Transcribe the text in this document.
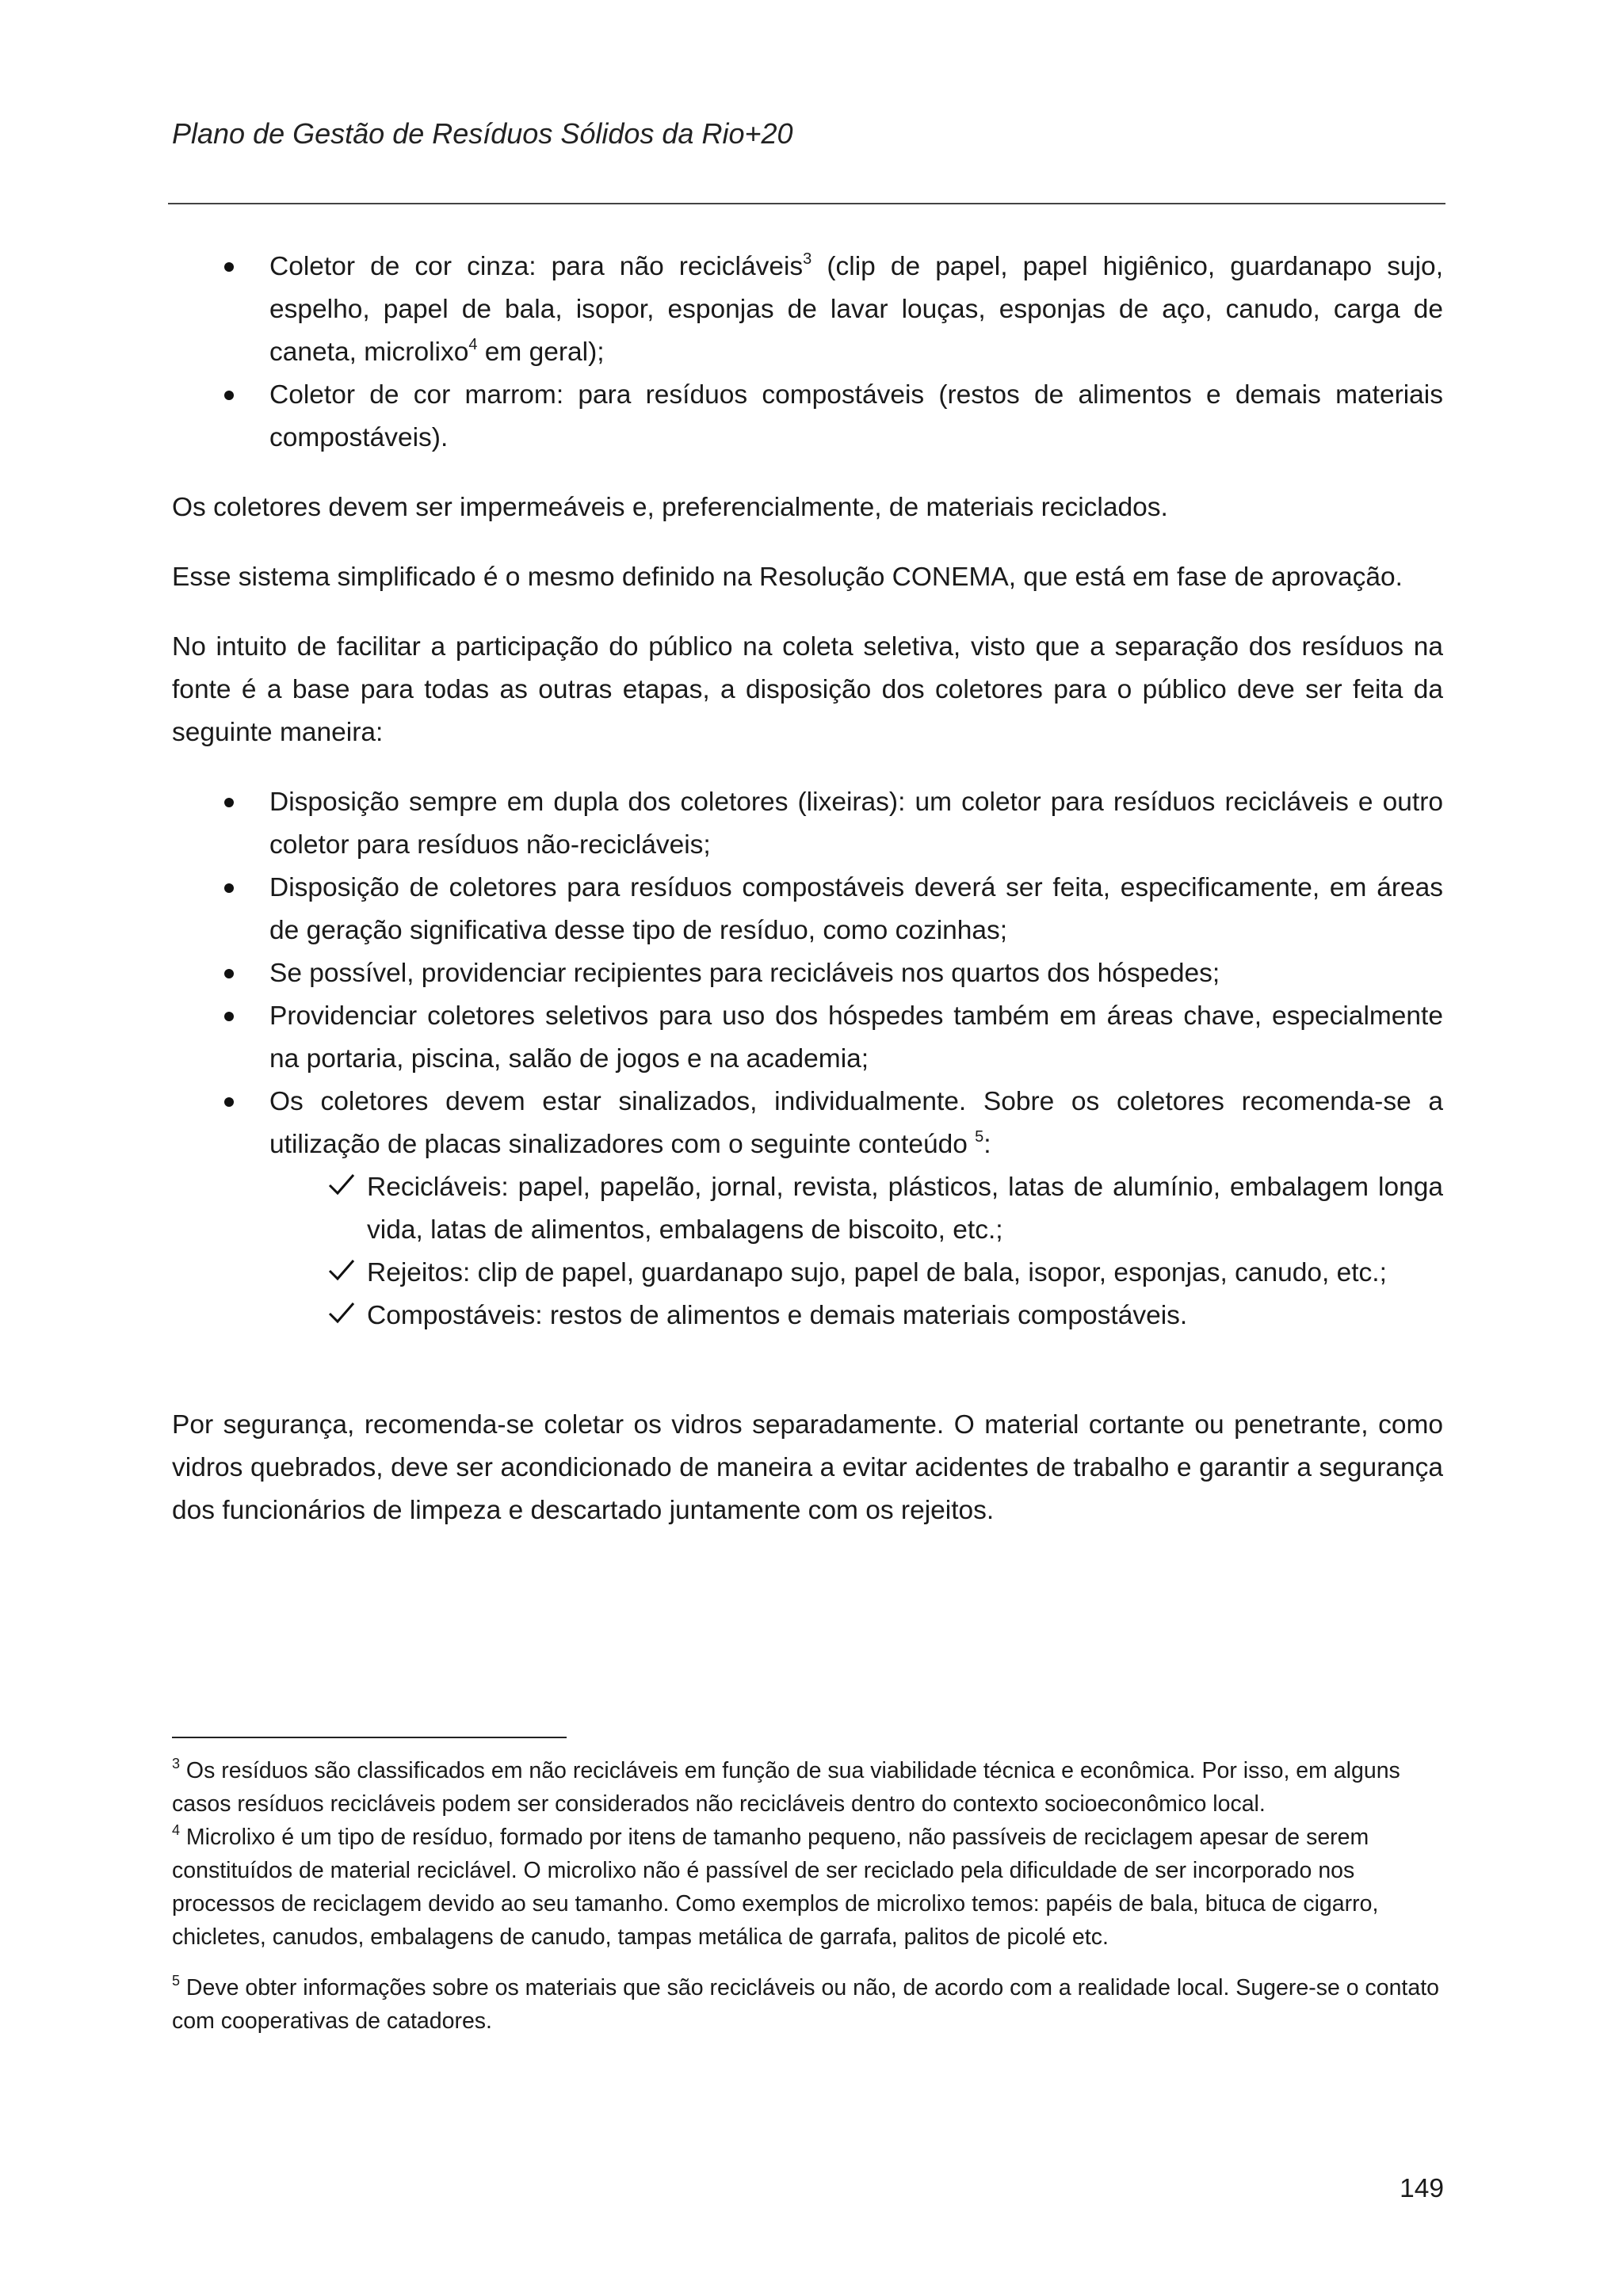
Plano de Gestão de Resíduos Sólidos da Rio+20
Coletor de cor cinza: para não recicláveis$^3$ (clip de papel, papel higiênico, guardanapo sujo, espelho, papel de bala, isopor, esponjas de lavar louças, esponjas de aço, canudo, carga de caneta, microlixo$^4$ em geral);
Coletor de cor marrom: para resíduos compostáveis (restos de alimentos e demais materiais compostáveis).

Os coletores devem ser impermeáveis e, preferencialmente, de materiais reciclados.

Esse sistema simplificado é o mesmo definido na Resolução CONEMA, que está em fase de aprovação.

No intuito de facilitar a participação do público na coleta seletiva, visto que a separação dos resíduos na fonte é a base para todas as outras etapas, a disposição dos coletores para o público deve ser feita da seguinte maneira:

Disposição sempre em dupla dos coletores (lixeiras): um coletor para resíduos recicláveis e outro coletor para resíduos não-recicláveis;
Disposição de coletores para resíduos compostáveis deverá ser feita, especificamente, em áreas de geração significativa desse tipo de resíduo, como cozinhas;
Se possível, providenciar recipientes para recicláveis nos quartos dos hóspedes;
Providenciar coletores seletivos para uso dos hóspedes também em áreas chave, especialmente na portaria, piscina, salão de jogos e na academia;
Os coletores devem estar sinalizados, individualmente. Sobre os coletores recomenda-se a utilização de placas sinalizadores com o seguinte conteúdo $^5$:
Recicláveis: papel, papelão, jornal, revista, plásticos, latas de alumínio, embalagem longa vida, latas de alimentos, embalagens de biscoito, etc.;
Rejeitos: clip de papel, guardanapo sujo, papel de bala, isopor, esponjas, canudo, etc.;
Compostáveis: restos de alimentos e demais materiais compostáveis.

Por segurança, recomenda-se coletar os vidros separadamente. O material cortante ou penetrante, como vidros quebrados, deve ser acondicionado de maneira a evitar acidentes de trabalho e garantir a segurança dos funcionários de limpeza e descartado juntamente com os rejeitos.

$^3$ Os resíduos são classificados em não recicláveis em função de sua viabilidade técnica e econômica. Por isso, em alguns casos resíduos recicláveis podem ser considerados não recicláveis dentro do contexto socioeconômico local.

$^4$ Microlixo é um tipo de resíduo, formado por itens de tamanho pequeno, não passíveis de reciclagem apesar de serem constituídos de material reciclável. O microlixo não é passível de ser reciclado pela dificuldade de ser incorporado nos processos de reciclagem devido ao seu tamanho. Como exemplos de microlixo temos: papéis de bala, bituca de cigarro, chicletes, canudos, embalagens de canudo, tampas metálica de garrafa, palitos de picolé etc.

$^5$ Deve obter informações sobre os materiais que são recicláveis ou não, de acordo com a realidade local. Sugere-se o contato com cooperativas de catadores.

149
